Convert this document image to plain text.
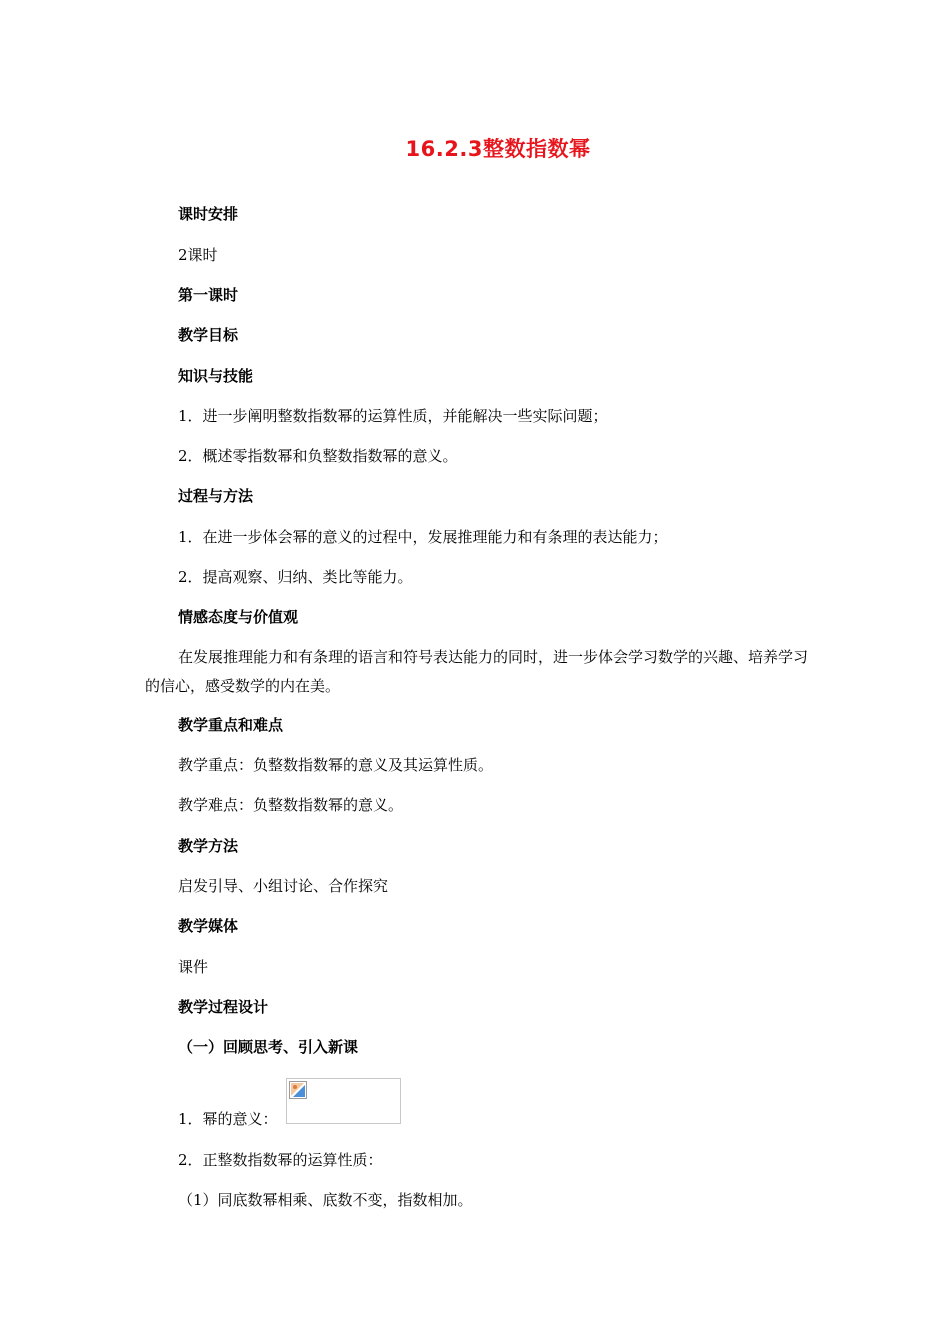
16.2.3整数指数幂
课时安排
2课时
第一课时
教学目标
知识与技能
1．进一步阐明整数指数幂的运算性质，并能解决一些实际问题；
2．概述零指数幂和负整数指数幂的意义。
过程与方法
1．在进一步体会幂的意义的过程中，发展推理能力和有条理的表达能力；
2．提高观察、归纳、类比等能力。
情感态度与价值观
在发展推理能力和有条理的语言和符号表达能力的同时，进一步体会学习数学的兴趣、培养学习的信心，感受数学的内在美。
教学重点和难点
教学重点：负整数指数幂的意义及其运算性质。
教学难点：负整数指数幂的意义。
教学方法
启发引导、小组讨论、合作探究
教学媒体
课件
教学过程设计
（一）回顾思考、引入新课
1．幂的意义：
2．正整数指数幂的运算性质：
（1）同底数幂相乘、底数不变，指数相加。
